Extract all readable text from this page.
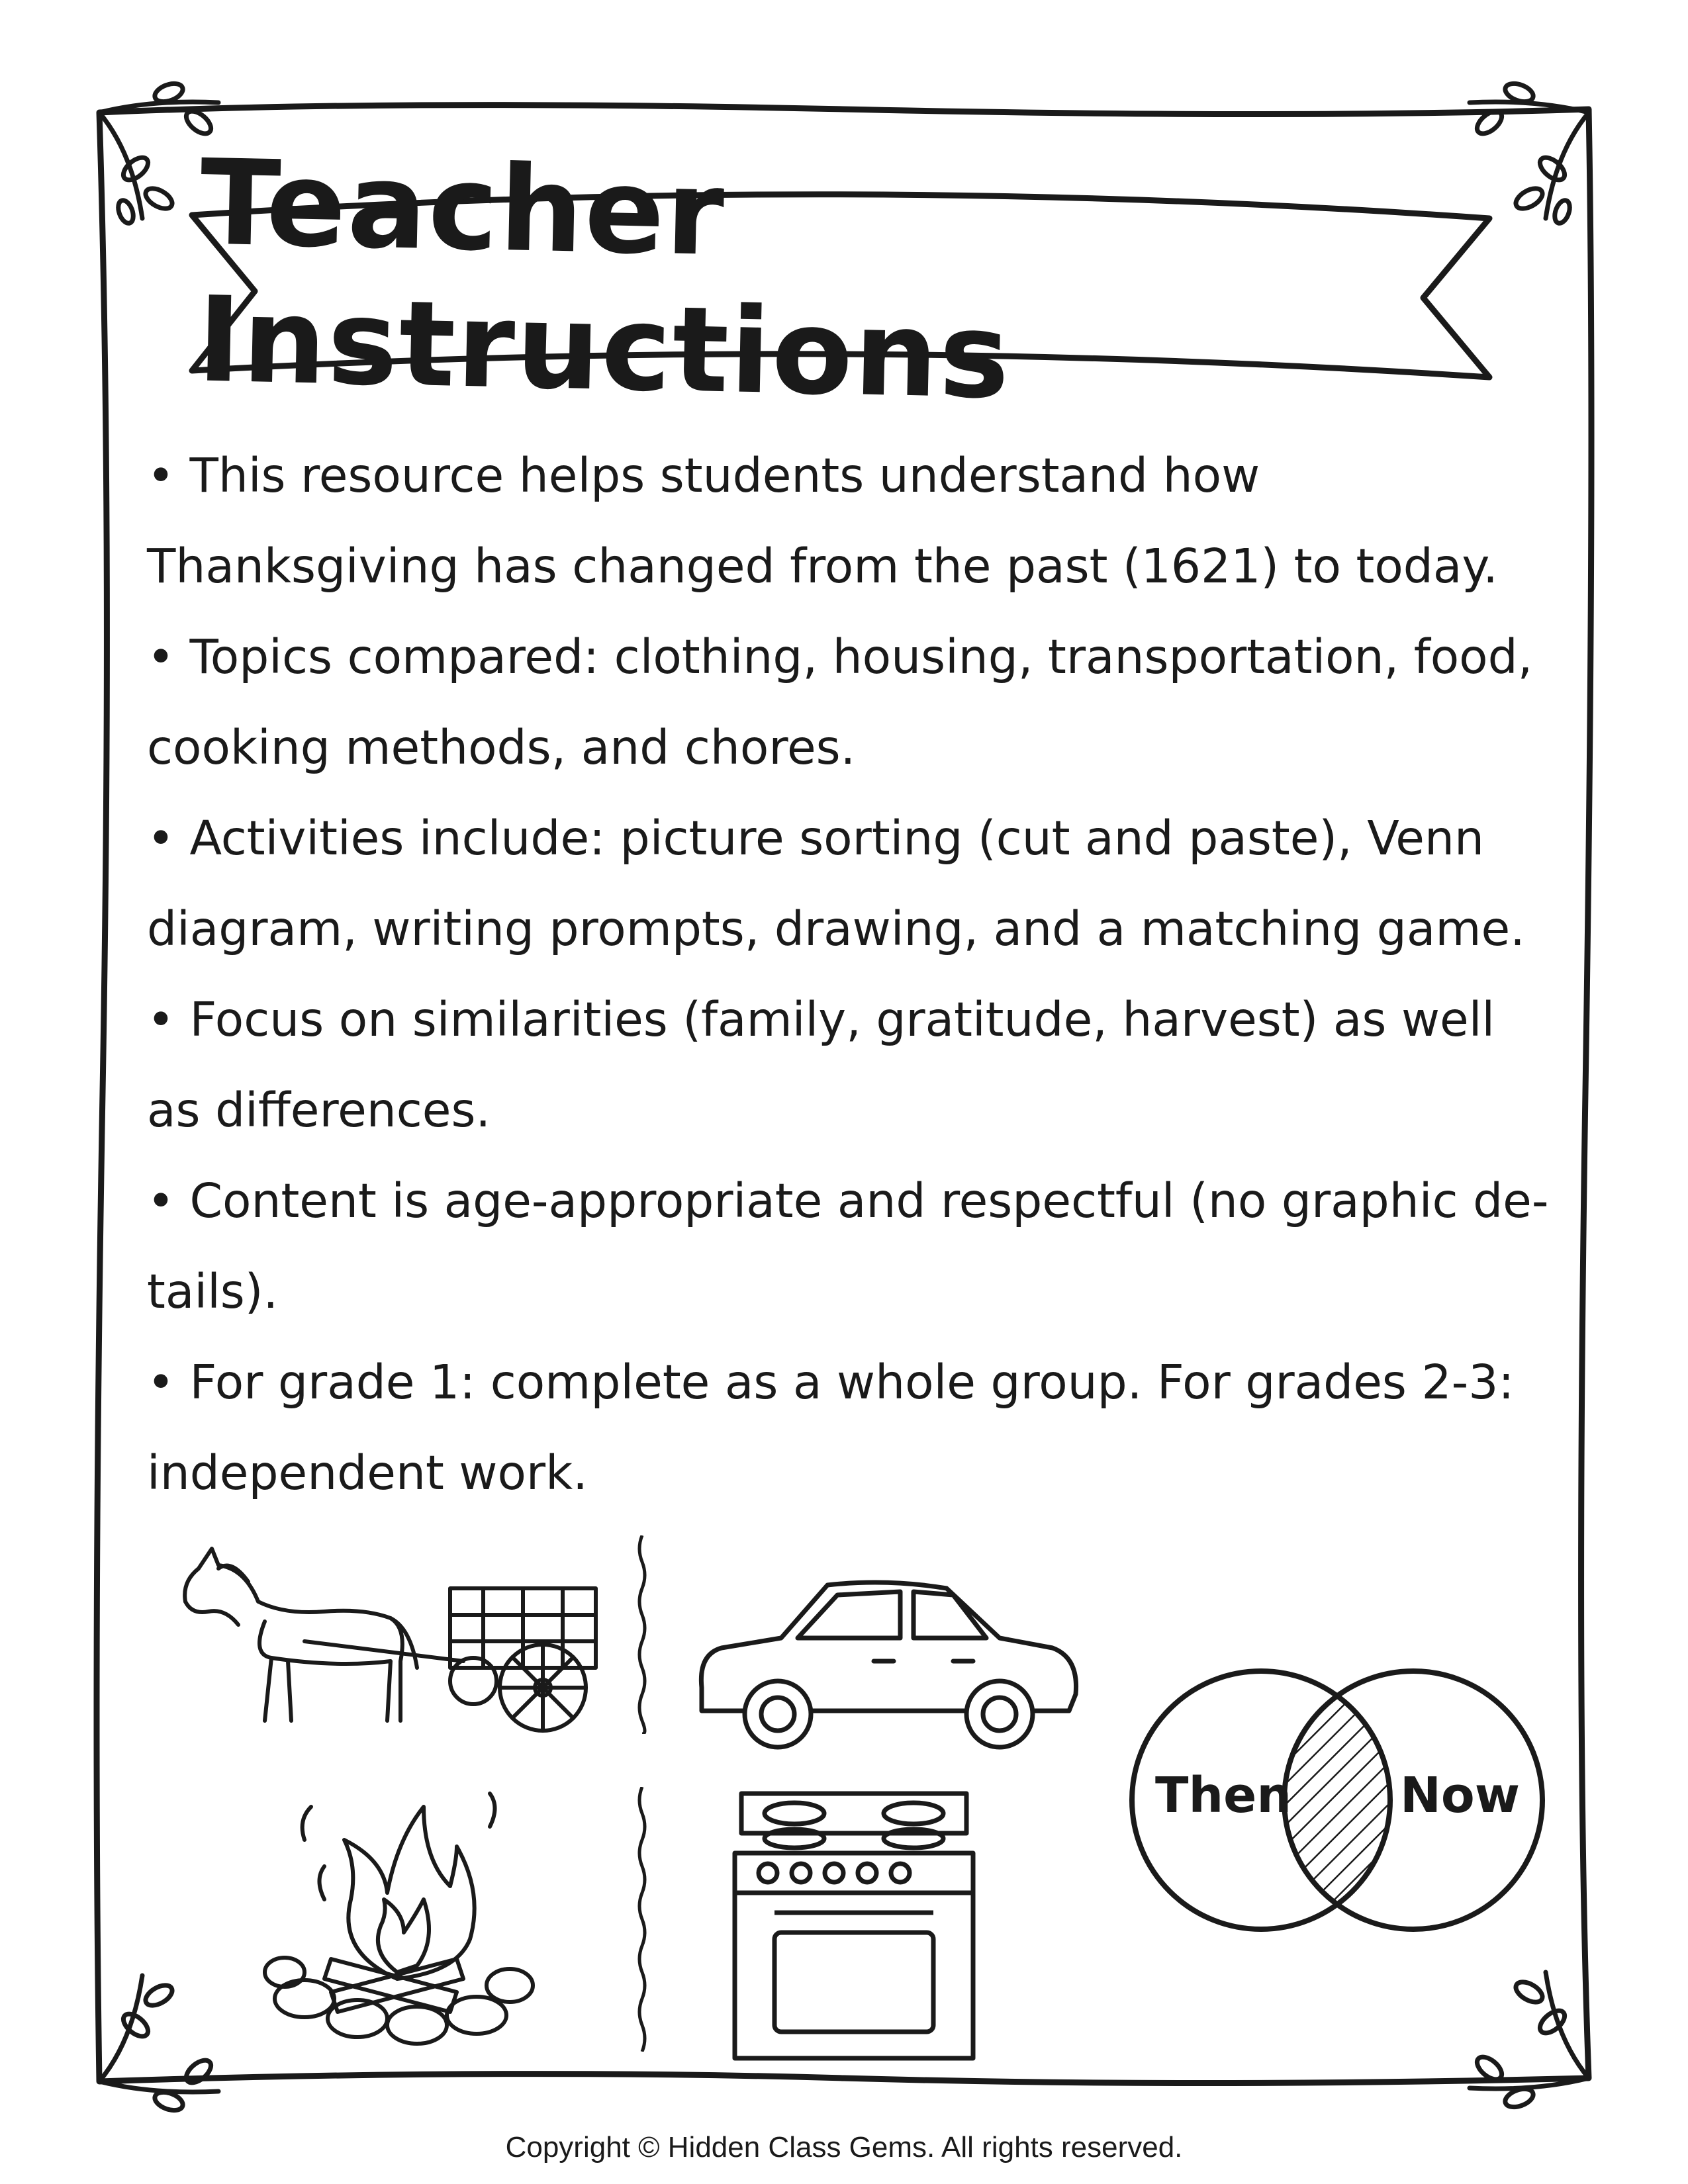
Teacher Instructions

• This resource helps students understand how Thanksgiving has changed from the past (1621) to today.

• Topics compared: clothing, housing, transportation, food, cooking methods, and chores.

• Activities include: picture sorting (cut and paste), Venn diagram, writing prompts, drawing, and a matching game.

• Focus on similarities (family, gratitude, harvest) as well as differences.

• Content is age-appropriate and respectful (no graphic de-tails).

• For grade 1: complete as a whole group. For grades 2-3: independent work.

Then Now
Copyright © Hidden Class Gems. All rights reserved.
